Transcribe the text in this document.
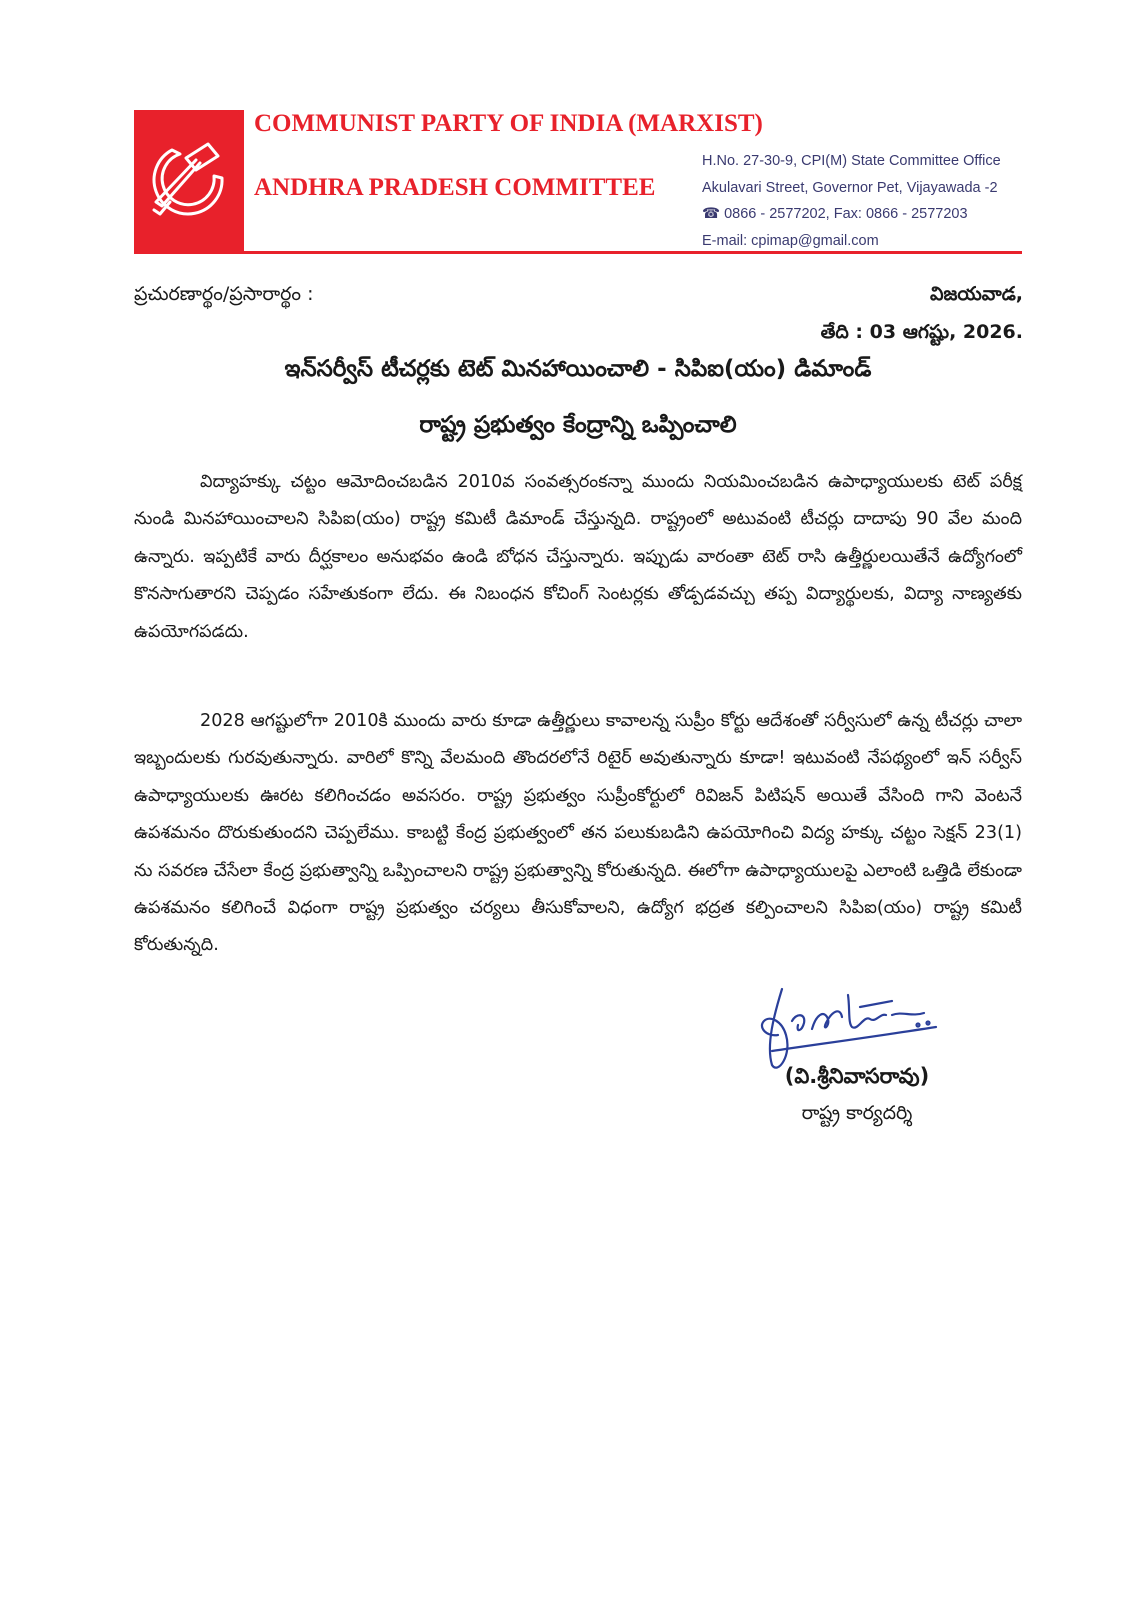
COMMUNIST PARTY OF INDIA (MARXIST)
ANDHRA PRADESH COMMITTEE
H.No. 27-30-9, CPI(M) State Committee Office
Akulavari Street, Governor Pet, Vijayawada -2
☎ 0866 - 2577202, Fax: 0866 - 2577203
E-mail: cpimap@gmail.com
ప్రచురణార్థం/ప్రసారార్థం :	విజయవాడ,
తేది : 03 ఆగష్టు, 2026.
ఇన్‌సర్వీస్ టీచర్లకు టెట్ మినహాయించాలి - సిపిఐ(యం) డిమాండ్
రాష్ట్ర ప్రభుత్వం కేంద్రాన్ని ఒప్పించాలి

విద్యాహక్కు చట్టం ఆమోదించబడిన 2010వ సంవత్సరంకన్నా ముందు నియమించబడిన ఉపాధ్యాయులకు టెట్ పరీక్ష నుండి మినహాయించాలని సిపిఐ(యం) రాష్ట్ర కమిటీ డిమాండ్ చేస్తున్నది. రాష్ట్రంలో అటువంటి టీచర్లు దాదాపు 90 వేల మంది ఉన్నారు. ఇప్పటికే వారు దీర్ఘకాలం అనుభవం ఉండి బోధన చేస్తున్నారు. ఇప్పుడు వారంతా టెట్ రాసి ఉత్తీర్ణులయితేనే ఉద్యోగంలో కొనసాగుతారని చెప్పడం సహేతుకంగా లేదు. ఈ నిబంధన కోచింగ్ సెంటర్లకు తోడ్పడవచ్చు తప్ప విద్యార్థులకు, విద్యా నాణ్యతకు ఉపయోగపడదు.

2028 ఆగష్టులోగా 2010కి ముందు వారు కూడా ఉత్తీర్ణులు కావాలన్న సుప్రీం కోర్టు ఆదేశంతో సర్వీసులో ఉన్న టీచర్లు చాలా ఇబ్బందులకు గురవుతున్నారు. వారిలో కొన్ని వేలమంది తొందరలోనే రిటైర్ అవుతున్నారు కూడా! ఇటువంటి నేపథ్యంలో ఇన్ సర్వీస్ ఉపాధ్యాయులకు ఊరట కలిగించడం అవసరం. రాష్ట్ర ప్రభుత్వం సుప్రీంకోర్టులో రివిజన్ పిటిషన్ అయితే వేసింది గాని వెంటనే ఉపశమనం దొరుకుతుందని చెప్పలేము. కాబట్టి కేంద్ర ప్రభుత్వంలో తన పలుకుబడిని ఉపయోగించి విద్య హక్కు చట్టం సెక్షన్ 23(1) ను సవరణ చేసేలా కేంద్ర ప్రభుత్వాన్ని ఒప్పించాలని రాష్ట్ర ప్రభుత్వాన్ని కోరుతున్నది. ఈలోగా ఉపాధ్యాయులపై ఎలాంటి ఒత్తిడి లేకుండా ఉపశమనం కలిగించే విధంగా రాష్ట్ర ప్రభుత్వం చర్యలు తీసుకోవాలని, ఉద్యోగ భద్రత కల్పించాలని సిపిఐ(యం) రాష్ట్ర కమిటీ కోరుతున్నది.

(వి.శ్రీనివాసరావు)
రాష్ట్ర కార్యదర్శి
